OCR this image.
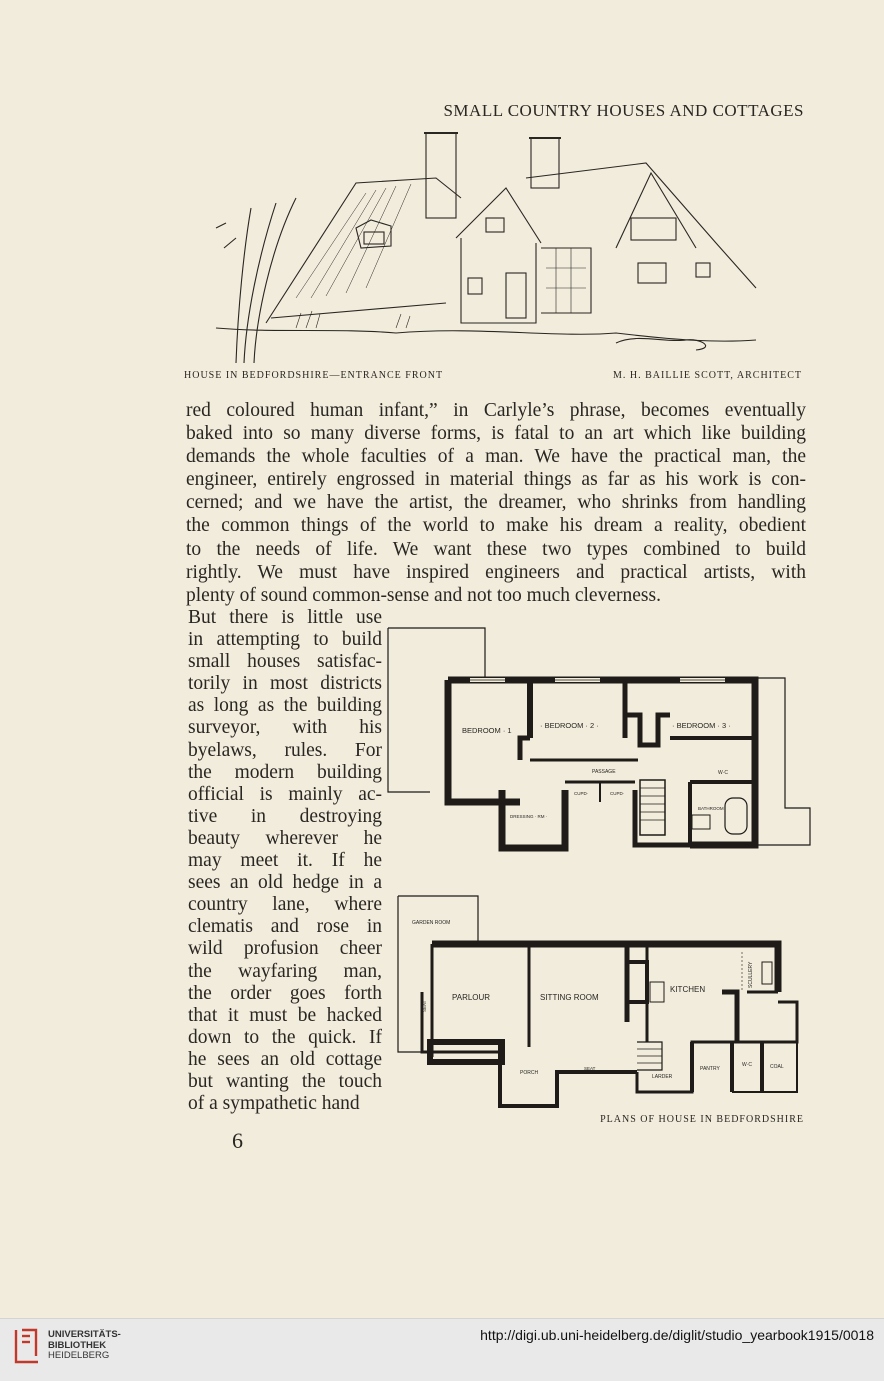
SMALL COUNTRY HOUSES AND COTTAGES
HOUSE IN BEDFORDSHIRE—ENTRANCE FRONT	M. H. BAILLIE SCOTT, ARCHITECT
red coloured human infant,” in Carlyle’s phrase, becomes eventually
baked into so many diverse forms, is fatal to an art which like building
demands the whole faculties of a man. We have the practical man, the
engineer, entirely engrossed in material things as far as his work is con-
cerned; and we have the artist, the dreamer, who shrinks from handling
the common things of the world to make his dream a reality, obedient
to the needs of life. We want these two types combined to build
rightly. We must have inspired engineers and practical artists, with
plenty of sound common-sense and not too much cleverness.
But there is little use
in attempting to build
small houses satisfac-
torily in most districts
as long as the building
surveyor, with his
byelaws, rules. For
the modern building
official is mainly ac-
tive in destroying
beauty wherever he
may meet it. If he
sees an old hedge in a
country lane, where
clematis and rose in
wild profusion cheer
the wayfaring man,
the order goes forth
that it must be hacked
down to the quick. If
he sees an old cottage
but wanting the touch
of a sympathetic hand
6
BEDROOM · 1
· BEDROOM · 2 ·	· BEDROOM · 3 ·
PASSAGE	W·C
CUPD·	CUPD·
DRESSING · RM ·
BATHROOM
GARDEN ROOM
PARLOUR	SITTING ROOM
KITCHEN
SCULLERY
PORCH
SEAT
SEAT
LARDER
PANTRY
W·C	COAL
PLANS OF HOUSE IN BEDFORDSHIRE
UNIVERSITÄTS-
BIBLIOTHEK
HEIDELBERG
http://digi.ub.uni-heidelberg.de/diglit/studio_yearbook1915/0018
